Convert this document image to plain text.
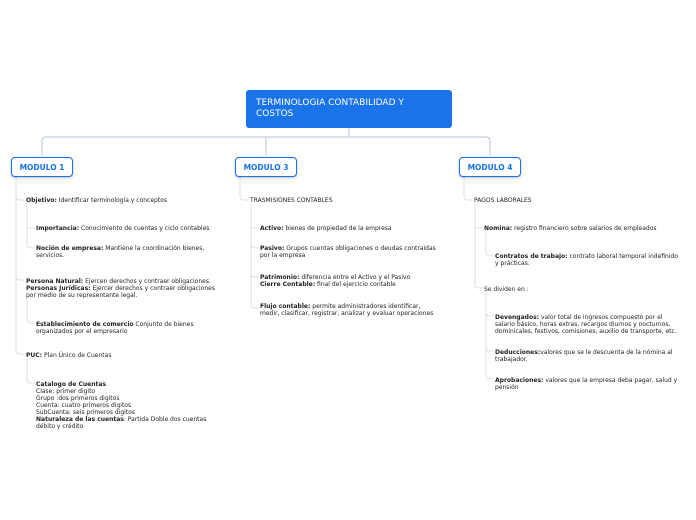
TERMINOLOGIA CONTABILIDAD Y COSTOS
MODULO 1	MODULO 3	MODULO 4
Objetivo: Identificar terminología y conceptos
Importancia: Conocimiento de cuentas y ciclo contables
Noción de empresa: Mantiene la coordinación bienes, servicios.
Persona Natural: Ejercen derechos y contraer obligaciones.
Personas Jurídicas: Ejercer derechos y contraer obligaciones por medio de su representante legal.
Establecimiento de comercio Conjunto de bienes organizados por el empresario
PUC: Plan Único de Cuentas
Catalogo de Cuentas
Clase: primer digito
Grupo :dos primeros digitos
Cuenta: cuatro primeros digitos
SubCuenta: seis primeros digitos
Naturaleza de las cuentas: Partida Doble dos cuentas débito y crédito
TRASMISIONES CONTABLES
Activo: bienes de propiedad de la empresa
Pasivo: Grupos cuentas obligaciones o deudas contraidas por la empresa
Patrimonio: diferencia entre el Activo y el Pasivo
Cierre Contable: final del ejercicio contable
Flujo contable: permite administradores identificar, medir, clasificar, registrar, analizar y evaluar operaciones
PAGOS LABORALES
Nomina: registro financiero sobre salarios de empleados
Contratos de trabajo: contrato laboral temporal indefinido y prácticas.
Se dividen en :
Devengados: valor total de ingresos compuesto por el salario básico, horas extras, recargos diurnos y nocturnos, dominicales, festivos, comisiones, auxilio de transporte, etc.
Deducciones:valores que se le descuenta de la nómina al trabajador.
Aprobaciones: valores que la empresa deba pagar, salud y pensión
